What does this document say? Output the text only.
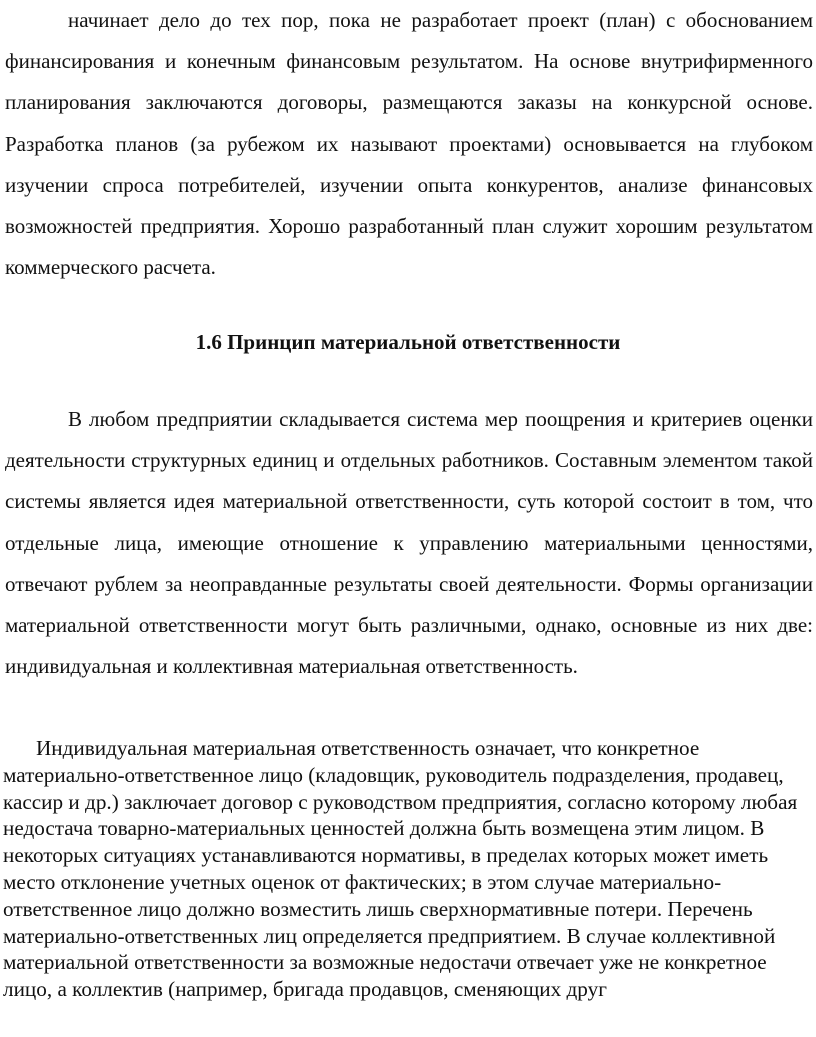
начинает дело до тех пор, пока не разработает проект (план) с обоснованием финансирования и конечным финансовым результатом. На основе внутрифирменного планирования заключаются договоры, размещаются заказы на конкурсной основе. Разработка планов (за рубежом их называют проектами) основывается на глубоком изучении спроса потребителей, изучении опыта конкурентов, анализе финансовых возможностей предприятия. Хорошо разработанный план служит хорошим результатом коммерческого расчета.

1.6 Принцип материальной ответственности

В любом предприятии складывается система мер поощрения и критериев оценки деятельности структурных единиц и отдельных работников. Составным элементом такой системы является идея материальной ответственности, суть которой состоит в том, что отдельные лица, имеющие отношение к управлению материальными ценностями, отвечают рублем за неоправданные результаты своей деятельности. Формы организации материальной ответственности могут быть различными, однако, основные из них две: индивидуальная и коллективная материальная ответственность.

Индивидуальная материальная ответственность означает, что конкретное материально-ответственное лицо (кладовщик, руководитель подразделения, продавец, кассир и др.) заключает договор с руководством предприятия, согласно которому любая недостача товарно-материальных ценностей должна быть возмещена этим лицом. В некоторых ситуациях устанавливаются нормативы, в пределах которых может иметь место отклонение учетных оценок от фактических; в этом случае материально-ответственное лицо должно возместить лишь сверхнормативные потери. Перечень материально-ответственных лиц определяется предприятием. В случае коллективной материальной ответственности за возможные недостачи отвечает уже не конкретное лицо, а коллектив (например, бригада продавцов, сменяющих друг
